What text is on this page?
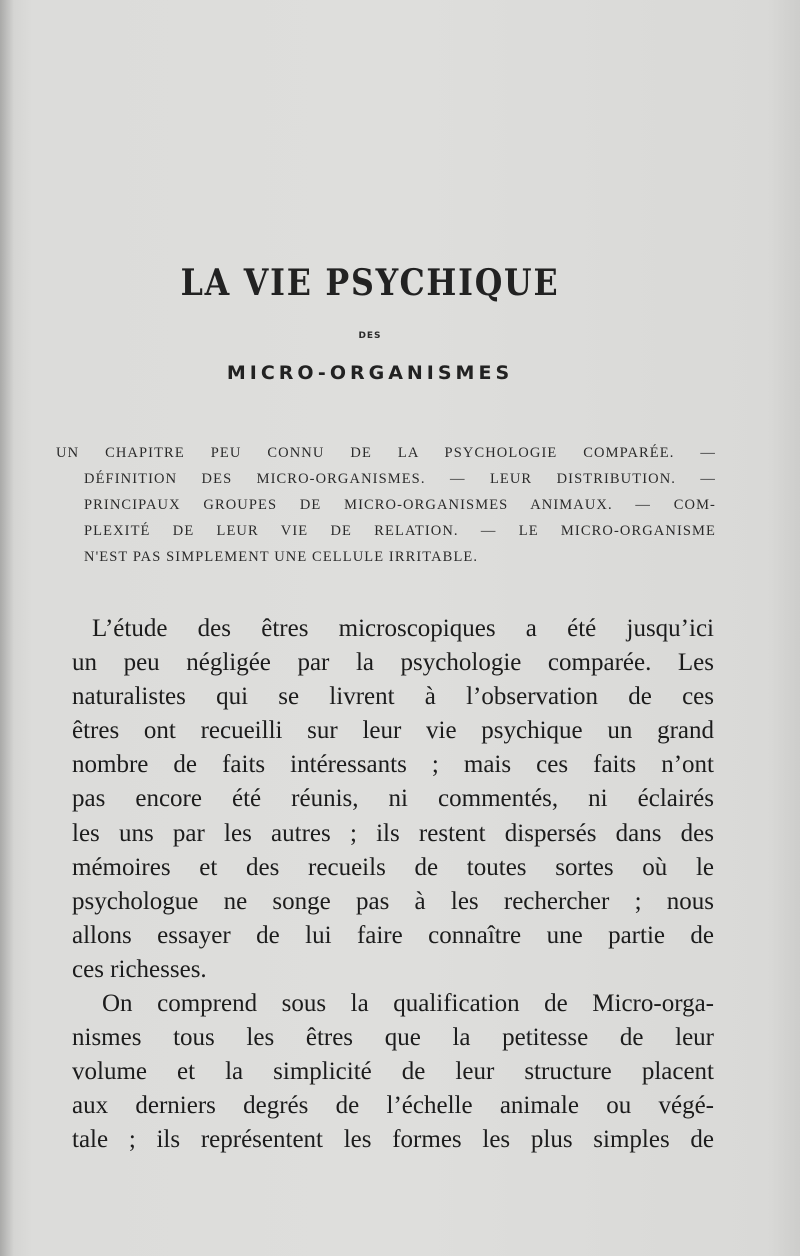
LA VIE PSYCHIQUE
DES
MICRO-ORGANISMES
UN CHAPITRE PEU CONNU DE LA PSYCHOLOGIE COMPARÉE. —
DÉFINITION DES MICRO-ORGANISMES. — LEUR DISTRIBUTION. —
PRINCIPAUX GROUPES DE MICRO-ORGANISMES ANIMAUX. — COM-
PLEXITÉ DE LEUR VIE DE RELATION. — LE MICRO-ORGANISME
N'EST PAS SIMPLEMENT UNE CELLULE IRRITABLE.
L’étude des êtres microscopiques a été jusqu’ici
un peu négligée par la psychologie comparée. Les
naturalistes qui se livrent à l’observation de ces
êtres ont recueilli sur leur vie psychique un grand
nombre de faits intéressants ; mais ces faits n’ont
pas encore été réunis, ni commentés, ni éclairés
les uns par les autres ; ils restent dispersés dans des
mémoires et des recueils de toutes sortes où le
psychologue ne songe pas à les rechercher ; nous
allons essayer de lui faire connaître une partie de
ces richesses.
On comprend sous la qualification de Micro-orga-
nismes tous les êtres que la petitesse de leur
volume et la simplicité de leur structure placent
aux derniers degrés de l’échelle animale ou végé-
tale ; ils représentent les formes les plus simples de
